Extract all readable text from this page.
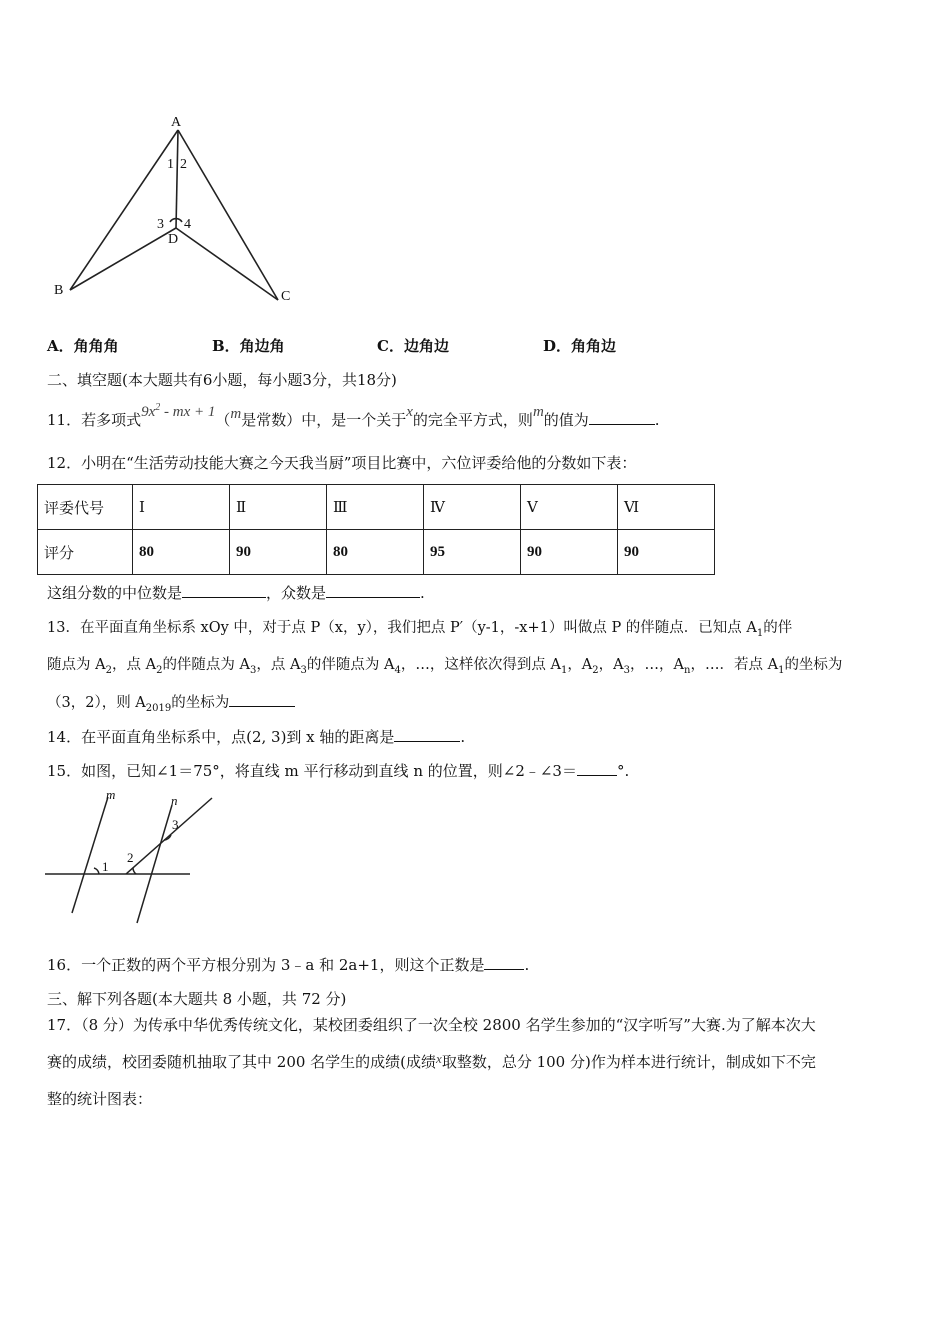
A
B	C
D
1 2
3 4
A．角角角	B．角边角	C．边角边	D．角角边
二、填空题(本大题共有6小题，每小题3分，共18分)
11．若多项式$9x^2$ - mx + 1（m是常数）中，是一个关于x的完全平方式，则m的值为	.
12．小明在“生活劳动技能大赛之今天我当厨”项目比赛中，六位评委给他的分数如下表：
评委代号	Ⅰ	Ⅱ	Ⅲ	Ⅳ	Ⅴ	Ⅵ
评分	80	90	80	95	90	90
这组分数的中位数是	，众数是	.
13．在平面直角坐标系 xOy 中，对于点 P（x，y），我们把点 P′（y-1，-x+1）叫做点 P 的伴随点．已知点 $A_1$的伴
随点为 $A_2$，点 $A_2$的伴随点为 $A_3$，点 $A_3$的伴随点为 $A_4$，…，这样依次得到点 $A_1$，$A_2$，$A_3$，…，$A_n$，…．若点 $A_1$的坐标为
（3，2），则 $A_{2019}$的坐标为
14．在平面直角坐标系中，点(2, 3)到 x 轴的距离是	.
15．如图，已知∠1＝75°，将直线 m 平行移动到直线 n 的位置，则∠2﹣∠3＝	°.
m	n
1
2
3
16．一个正数的两个平方根分别为 3﹣a 和 2a+1，则这个正数是	.
三、解下列各题(本大题共 8 小题，共 72 分)
17．（8 分）为传承中华优秀传统文化，某校团委组织了一次全校 2800 名学生参加的“汉字听写”大赛.为了解本次大
赛的成绩，校团委随机抽取了其中 200 名学生的成绩(成绩x取整数，总分 100 分)作为样本进行统计，制成如下不完
整的统计图表：
